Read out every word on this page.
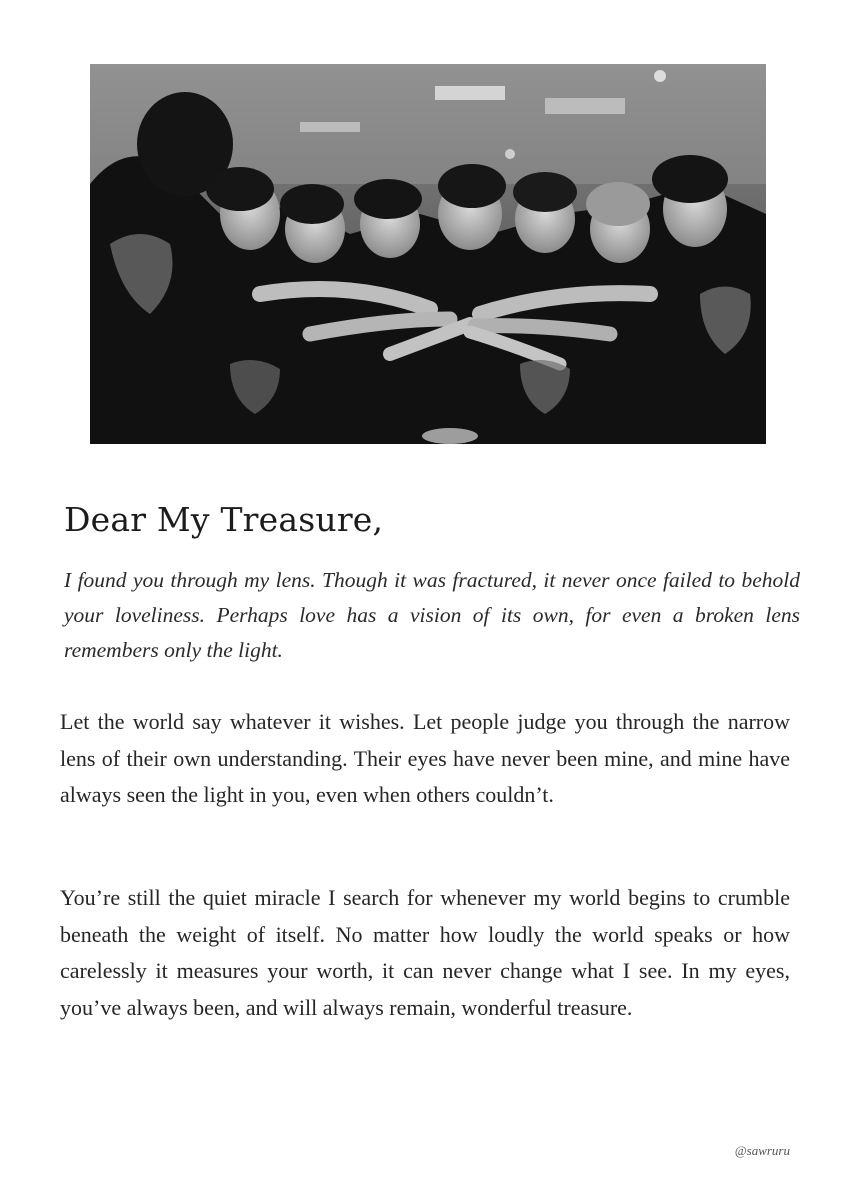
Dear My Treasure,

I found you through my lens. Though it was fractured, it never once failed to behold your loveliness. Perhaps love has a vision of its own, for even a broken lens remembers only the light.

Let the world say whatever it wishes. Let people judge you through the narrow lens of their own understanding. Their eyes have never been mine, and mine have always seen the light in you, even when others couldn’t.

You’re still the quiet miracle I search for whenever my world begins to crumble beneath the weight of itself. No matter how loudly the world speaks or how carelessly it measures your worth, it can never change what I see. In my eyes, you’ve always been, and will always remain, wonderful treasure.

@sawruru
